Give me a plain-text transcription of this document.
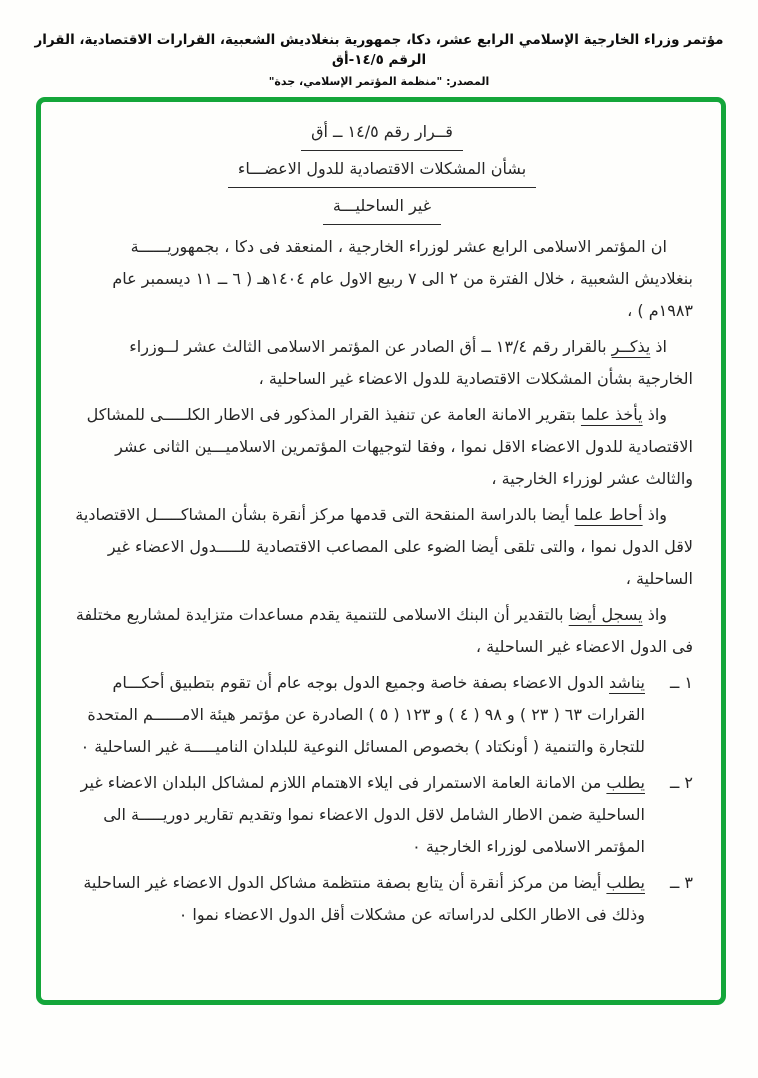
مؤتمر وزراء الخارجية الإسلامي الرابع عشر، دكا، جمهورية بنغلاديش الشعبية، القرارات الاقتصادية، القرار الرقم ١٤/٥-أق
المصدر: "منظمة المؤتمر الإسلامي، جدة"
قــرار رقم ١٤/٥ ــ أق
بشأن المشكلات الاقتصادية للدول الاعضـــاء
غير الساحليـــة

ان المؤتمر الاسلامى الرابع عشر لوزراء الخارجية ، المنعقد فى دكا ، بجمهوريــــــة بنغلاديش الشعبية ، خلال الفترة من ٢ الى ٧ ربيع الاول عام ١٤٠٤هـ ( ٦ ــ ١١ ديسمبر عام ١٩٨٣م ) ،

اذ يذكــر بالقرار رقم ١٣/٤ ــ أق الصادر عن المؤتمر الاسلامى الثالث عشر لــوزراء الخارجية بشأن المشكلات الاقتصادية للدول الاعضاء غير الساحلية ،

واذ يأخذ علما بتقرير الامانة العامة عن تنفيذ القرار المذكور فى الاطار الكلـــــى للمشاكل الاقتصادية للدول الاعضاء الاقل نموا ، وفقا لتوجيهات المؤتمرين الاسلاميـــين الثانى عشر والثالث عشر لوزراء الخارجية ،

واذ أحاط علما أيضا بالدراسة المنقحة التى قدمها مركز أنقرة بشأن المشاكـــــل الاقتصادية لاقل الدول نموا ، والتى تلقى أيضا الضوء على المصاعب الاقتصادية للـــــدول الاعضاء غير الساحلية ،

واذ يسجل أيضا بالتقدير أن البنك الاسلامى للتنمية يقدم مساعدات متزايدة لمشاريع مختلفة فى الدول الاعضاء غير الساحلية ،

١ ــ
يناشد الدول الاعضاء بصفة خاصة وجميع الدول بوجه عام أن تقوم بتطبيق أحكـــام القرارات ٦٣ ( ٢٣ ) و ٩٨ ( ٤ ) و ١٢٣ ( ٥ ) الصادرة عن مؤتمر هيئة الامــــــم المتحدة للتجارة والتنمية ( أونكتاد ) بخصوص المسائل النوعية للبلدان الناميـــــة غير الساحلية ٠
٢ ــ
يطلب من الامانة العامة الاستمرار فى ايلاء الاهتمام اللازم لمشاكل البلدان الاعضاء غير الساحلية ضمن الاطار الشامل لاقل الدول الاعضاء نموا وتقديم تقارير دوريـــــة الى المؤتمر الاسلامى لوزراء الخارجية ٠
٣ ــ
يطلب أيضا من مركز أنقرة أن يتابع بصفة منتظمة مشاكل الدول الاعضاء غير الساحلية وذلك فى الاطار الكلى لدراساته عن مشكلات أقل الدول الاعضاء نموا ٠
